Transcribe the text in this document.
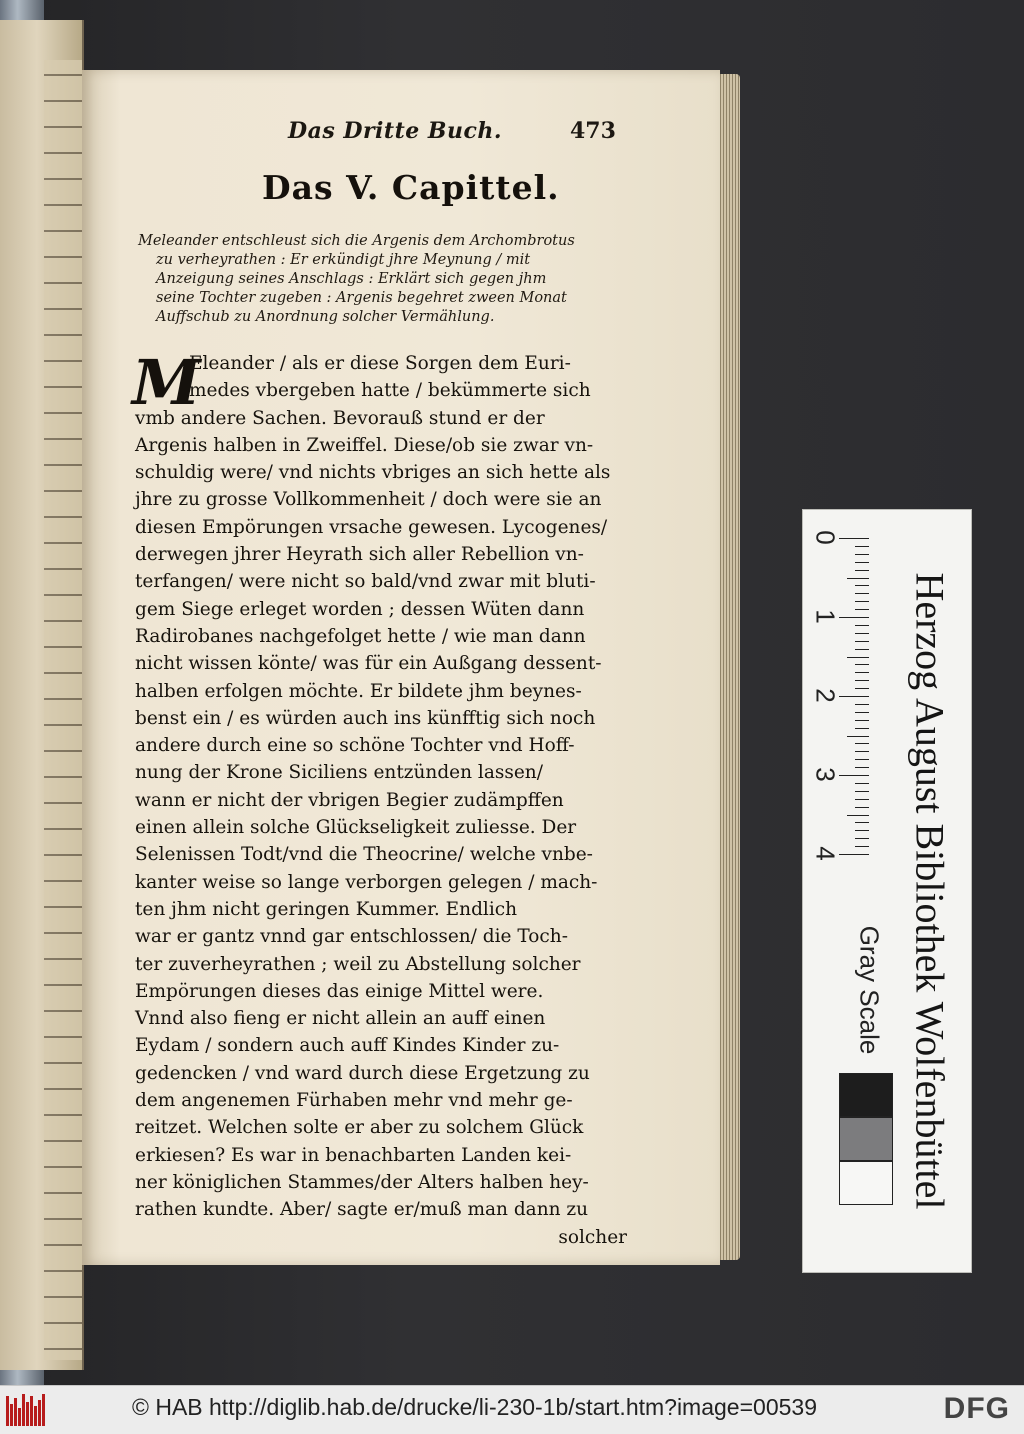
Das Dritte Buch.	473
Das V. Capittel.
Meleander entschleust sich die Argenis dem Archombrotus
zu verheyrathen : Er erkündigt jhre Meynung / mit
Anzeigung seines Anschlags : Erklärt sich gegen jhm
seine Tochter zugeben : Argenis begehret zween Monat
Auffschub zu Anordnung solcher Vermählung.
M
Eleander / als er diese Sorgen dem Euri-
medes vbergeben hatte / bekümmerte sich
vmb andere Sachen. Bevorauß stund er der
Argenis halben in Zweiffel. Diese/ob sie zwar vn-
schuldig were/ vnd nichts vbriges an sich hette als
jhre zu grosse Vollkommenheit / doch were sie an
diesen Empörungen vrsache gewesen. Lycogenes/
derwegen jhrer Heyrath sich aller Rebellion vn-
terfangen/ were nicht so bald/vnd zwar mit bluti-
gem Siege erleget worden ; dessen Wüten dann
Radirobanes nachgefolget hette / wie man dann
nicht wissen könte/ was für ein Außgang dessent-
halben erfolgen möchte. Er bildete jhm beynes-
benst ein / es würden auch ins künfftig sich noch
andere durch eine so schöne Tochter vnd Hoff-
nung der Krone Siciliens entzünden lassen/
wann er nicht der vbrigen Begier zudämpffen
einen allein solche Glückseligkeit zuliesse. Der
Selenissen Todt/vnd die Theocrine/ welche vnbe-
kanter weise so lange verborgen gelegen / mach-
ten jhm nicht geringen Kummer. Endlich
war er gantz vnnd gar entschlossen/ die Toch-
ter zuverheyrathen ; weil zu Abstellung solcher
Empörungen dieses das einige Mittel were.
Vnnd also fieng er nicht allein an auff einen
Eydam / sondern auch auff Kindes Kinder zu-
gedencken / vnd ward durch diese Ergetzung zu
dem angenemen Fürhaben mehr vnd mehr ge-
reitzet. Welchen solte er aber zu solchem Glück
erkiesen? Es war in benachbarten Landen kei-
ner königlichen Stammes/der Alters halben hey-
rathen kundte. Aber/ sagte er/muß man dann zu
solcher
0
1
2
3
4
Gray Scale Herzog August Bibliothek Wolfenbüttel
© HAB http://diglib.hab.de/drucke/li-230-1b/start.htm?image=00539	DFG
